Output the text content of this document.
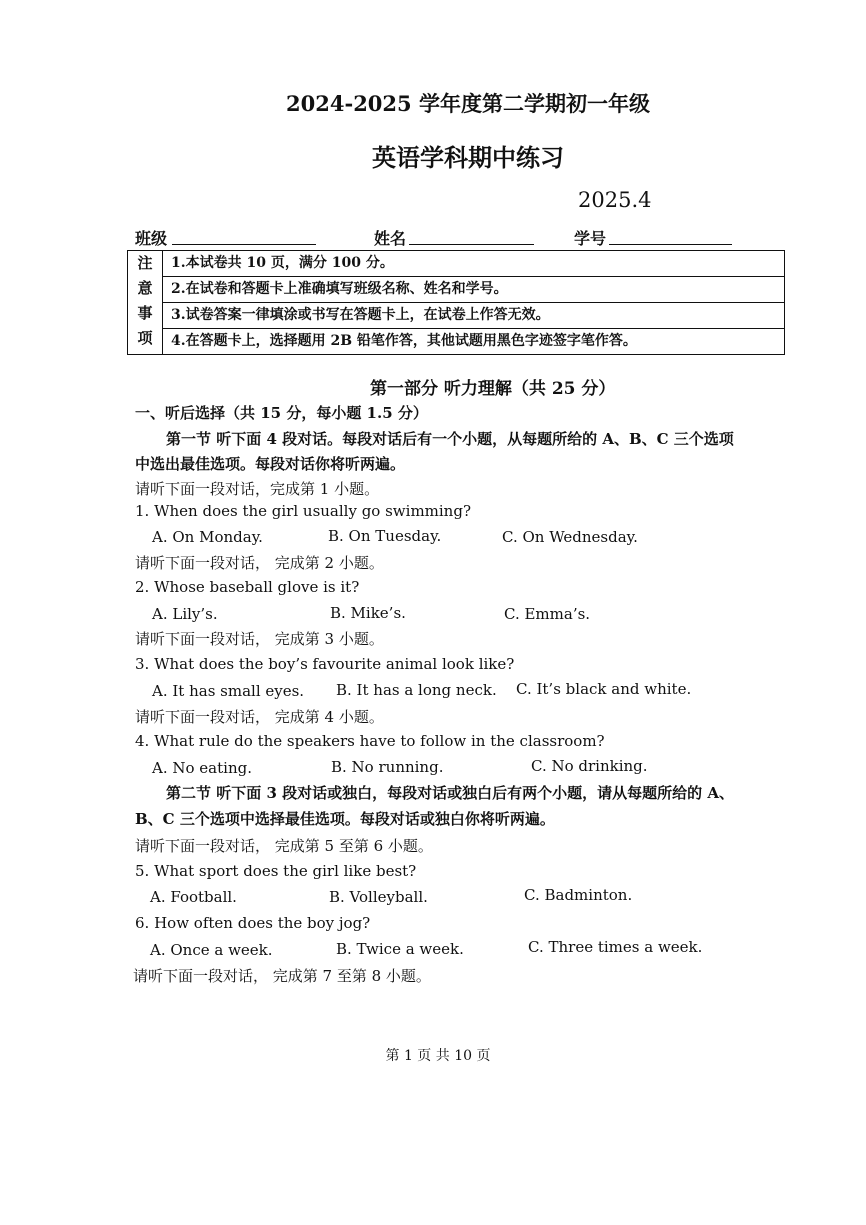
2024-2025 学年度第二学期初一年级
英语学科期中练习
2025.4
班级	姓名	学号
注
意
事
项

1.本试卷共 10 页，满分 100 分。
2.在试卷和答题卡上准确填写班级名称、姓名和学号。
3.试卷答案一律填涂或书写在答题卡上，在试卷上作答无效。
4.在答题卡上，选择题用 2B 铅笔作答，其他试题用黑色字迹签字笔作答。
第一部分 听力理解（共 25 分）
一、听后选择（共 15 分，每小题 1.5 分）
第一节 听下面 4 段对话。每段对话后有一个小题，从每题所给的 A、B、C 三个选项
中选出最佳选项。每段对话你将听两遍。
请听下面一段对话，完成第 1 小题。
1. When does the girl usually go swimming?
A. On Monday.	B. On Tuesday.	C. On Wednesday.
请听下面一段对话， 完成第 2 小题。
2. Whose baseball glove is it?
A. Lily’s.	B. Mike’s.	C. Emma’s.
请听下面一段对话， 完成第 3 小题。
3. What does the boy’s favourite animal look like?
A. It has small eyes. B. It has a long neck. C. It’s black and white.
请听下面一段对话， 完成第 4 小题。
4. What rule do the speakers have to follow in the classroom?
A. No eating.	B. No running.	C. No drinking.
第二节 听下面 3 段对话或独白，每段对话或独白后有两个小题，请从每题所给的 A、
B、C 三个选项中选择最佳选项。每段对话或独白你将听两遍。
请听下面一段对话， 完成第 5 至第 6 小题。
5. What sport does the girl like best?
A. Football.	B. Volleyball.	C. Badminton.
6. How often does the boy jog?
A. Once a week.	B. Twice a week.	C. Three times a week.
请听下面一段对话， 完成第 7 至第 8 小题。
第 1 页 共 10 页
